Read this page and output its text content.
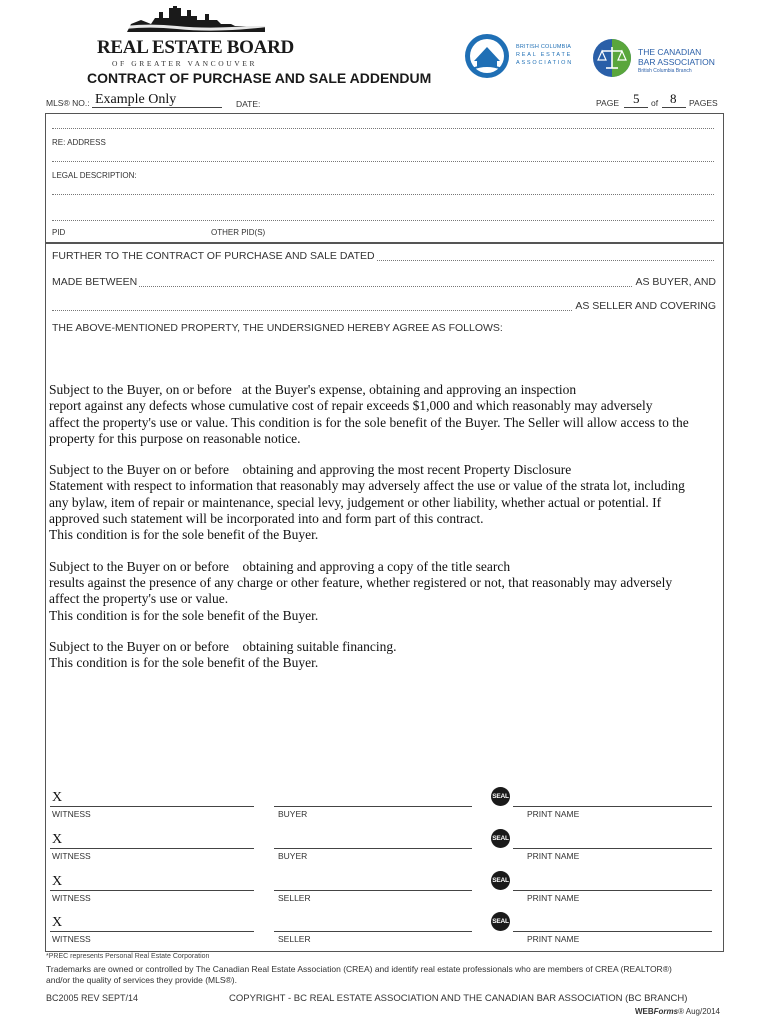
REAL ESTATE BOARD
OF GREATER VANCOUVER
CONTRACT OF PURCHASE AND SALE ADDENDUM
BRITISH COLUMBIA
REAL ESTATE
ASSOCIATION
THE CANADIAN
BAR ASSOCIATION
British Columbia Branch
MLS® NO.: Example Only	DATE:	PAGE 5 of 8 PAGES
RE: ADDRESS
LEGAL DESCRIPTION:
PID	OTHER PID(S)
FURTHER TO THE CONTRACT OF PURCHASE AND SALE DATED
MADE BETWEEN	AS BUYER, AND
AS SELLER AND COVERING
THE ABOVE-MENTIONED PROPERTY, THE UNDERSIGNED HEREBY AGREE AS FOLLOWS:
Subject to the Buyer, on or before   at the Buyer's expense, obtaining and approving an inspection
report against any defects whose cumulative cost of repair exceeds $1,000 and which reasonably may adversely
affect the property's use or value. This condition is for the sole benefit of the Buyer. The Seller will allow access to the
property for this purpose on reasonable notice.
Subject to the Buyer on or before    obtaining and approving the most recent Property Disclosure
Statement with respect to information that reasonably may adversely affect the use or value of the strata lot, including
any bylaw, item of repair or maintenance, special levy, judgement or other liability, whether actual or potential. If
approved such statement will be incorporated into and form part of this contract.
This condition is for the sole benefit of the Buyer.
Subject to the Buyer on or before    obtaining and approving a copy of the title search
results against the presence of any charge or other feature, whether registered or not, that reasonably may adversely
affect the property's use or value.
This condition is for the sole benefit of the Buyer.
Subject to the Buyer on or before    obtaining suitable financing.
This condition is for the sole benefit of the Buyer.
X
WITNESS	BUYER
SEAL
PRINT NAME
X
WITNESS	BUYER
SEAL
PRINT NAME
X
WITNESS	SELLER
SEAL
PRINT NAME
X
WITNESS	SELLER
SEAL
PRINT NAME
*PREC represents Personal Real Estate Corporation
Trademarks are owned or controlled by The Canadian Real Estate Association (CREA) and identify real estate professionals who are members of CREA (REALTOR®)
and/or the quality of services they provide (MLS®).
BC2005 REV SEPT/14	COPYRIGHT - BC REAL ESTATE ASSOCIATION AND THE CANADIAN BAR ASSOCIATION (BC BRANCH)
WEBForms® Aug/2014
